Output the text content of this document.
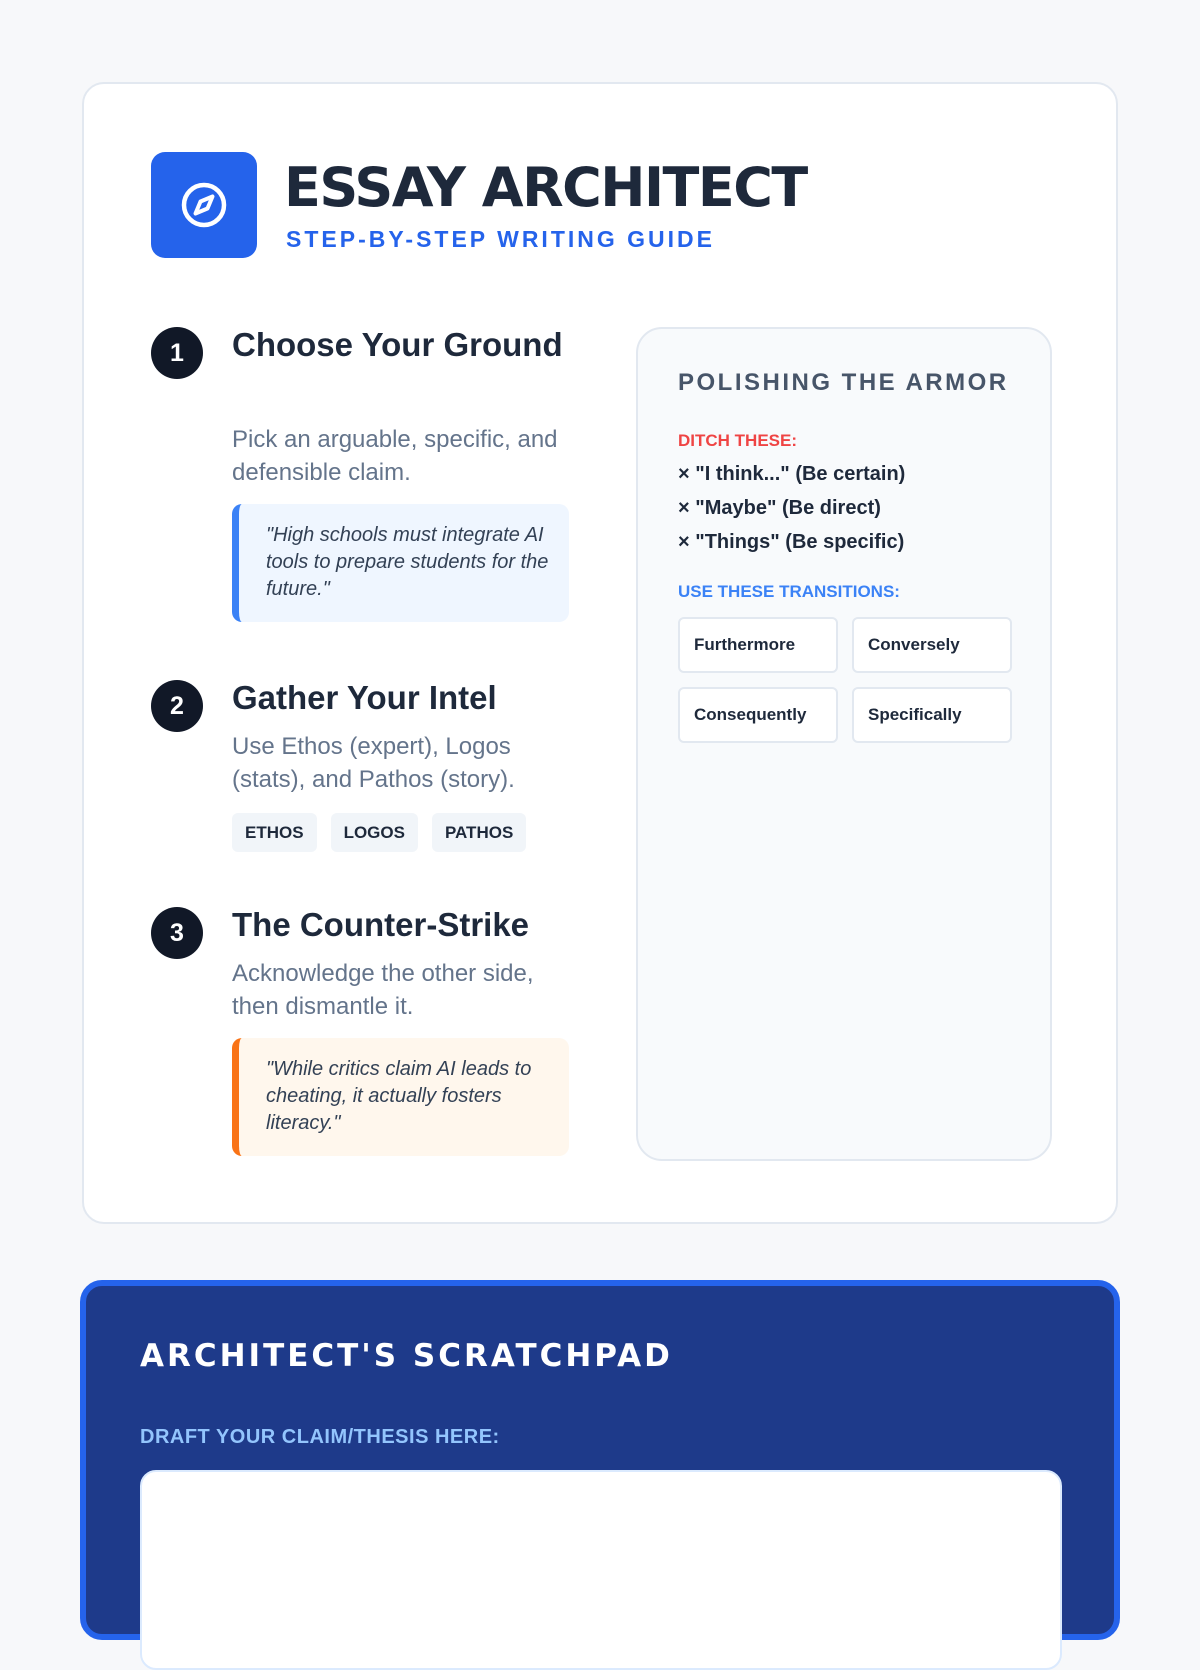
ESSAY ARCHITECT
STEP-BY-STEP WRITING GUIDE
1	Choose Your Ground

Pick an arguable, specific, and defensible claim.

"High schools must integrate AI tools to prepare students for the future."
2	Gather Your Intel

Use Ethos (expert), Logos (stats), and Pathos (story).

ETHOS	LOGOS	PATHOS
3	The Counter-Strike

Acknowledge the other side, then dismantle it.

"While critics claim AI leads to cheating, it actually fosters literacy."
POLISHING THE ARMOR
DITCH THESE:
× "I think..." (Be certain)
× "Maybe" (Be direct)
× "Things" (Be specific)
USE THESE TRANSITIONS:
Furthermore	Conversely
Consequently	Specifically
ARCHITECT'S SCRATCHPAD
DRAFT YOUR CLAIM/THESIS HERE:
